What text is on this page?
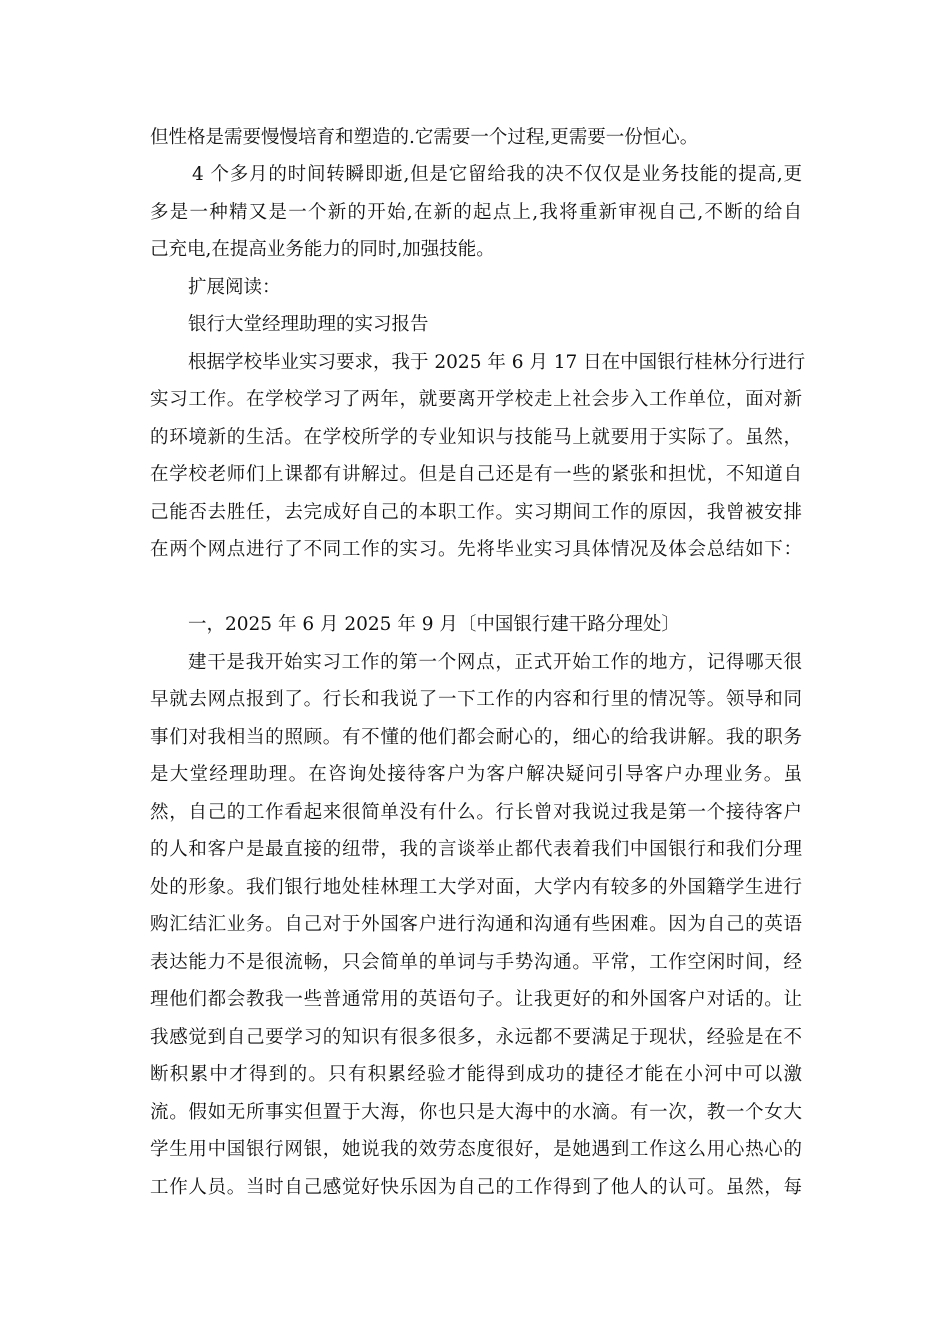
但性格是需要慢慢培育和塑造的.它需要一个过程,更需要一份恒心。
4 个多月的时间转瞬即逝,但是它留给我的决不仅仅是业务技能的提高,更
多是一种精又是一个新的开始,在新的起点上,我将重新审视自己,不断的给自
己充电,在提高业务能力的同时,加强技能。
扩展阅读：
银行大堂经理助理的实习报告
根据学校毕业实习要求，我于 2025 年 6 月 17 日在中国银行桂林分行进行
实习工作。在学校学习了两年，就要离开学校走上社会步入工作单位，面对新
的环境新的生活。在学校所学的专业知识与技能马上就要用于实际了。虽然，
在学校老师们上课都有讲解过。但是自己还是有一些的紧张和担忧，不知道自
己能否去胜任，去完成好自己的本职工作。实习期间工作的原因，我曾被安排
在两个网点进行了不同工作的实习。先将毕业实习具体情况及体会总结如下：
一，2025 年 6 月 2025 年 9 月〔中国银行建干路分理处〕
建干是我开始实习工作的第一个网点，正式开始工作的地方，记得哪天很
早就去网点报到了。行长和我说了一下工作的内容和行里的情况等。领导和同
事们对我相当的照顾。有不懂的他们都会耐心的，细心的给我讲解。我的职务
是大堂经理助理。在咨询处接待客户为客户解决疑问引导客户办理业务。虽
然，自己的工作看起来很简单没有什么。行长曾对我说过我是第一个接待客户
的人和客户是最直接的纽带，我的言谈举止都代表着我们中国银行和我们分理
处的形象。我们银行地处桂林理工大学对面，大学内有较多的外国籍学生进行
购汇结汇业务。自己对于外国客户进行沟通和沟通有些困难。因为自己的英语
表达能力不是很流畅，只会简单的单词与手势沟通。平常，工作空闲时间，经
理他们都会教我一些普通常用的英语句子。让我更好的和外国客户对话的。让
我感觉到自己要学习的知识有很多很多，永远都不要满足于现状，经验是在不
断积累中才得到的。只有积累经验才能得到成功的捷径才能在小河中可以激
流。假如无所事实但置于大海，你也只是大海中的水滴。有一次，教一个女大
学生用中国银行网银，她说我的效劳态度很好，是她遇到工作这么用心热心的
工作人员。当时自己感觉好快乐因为自己的工作得到了他人的认可。虽然，每
